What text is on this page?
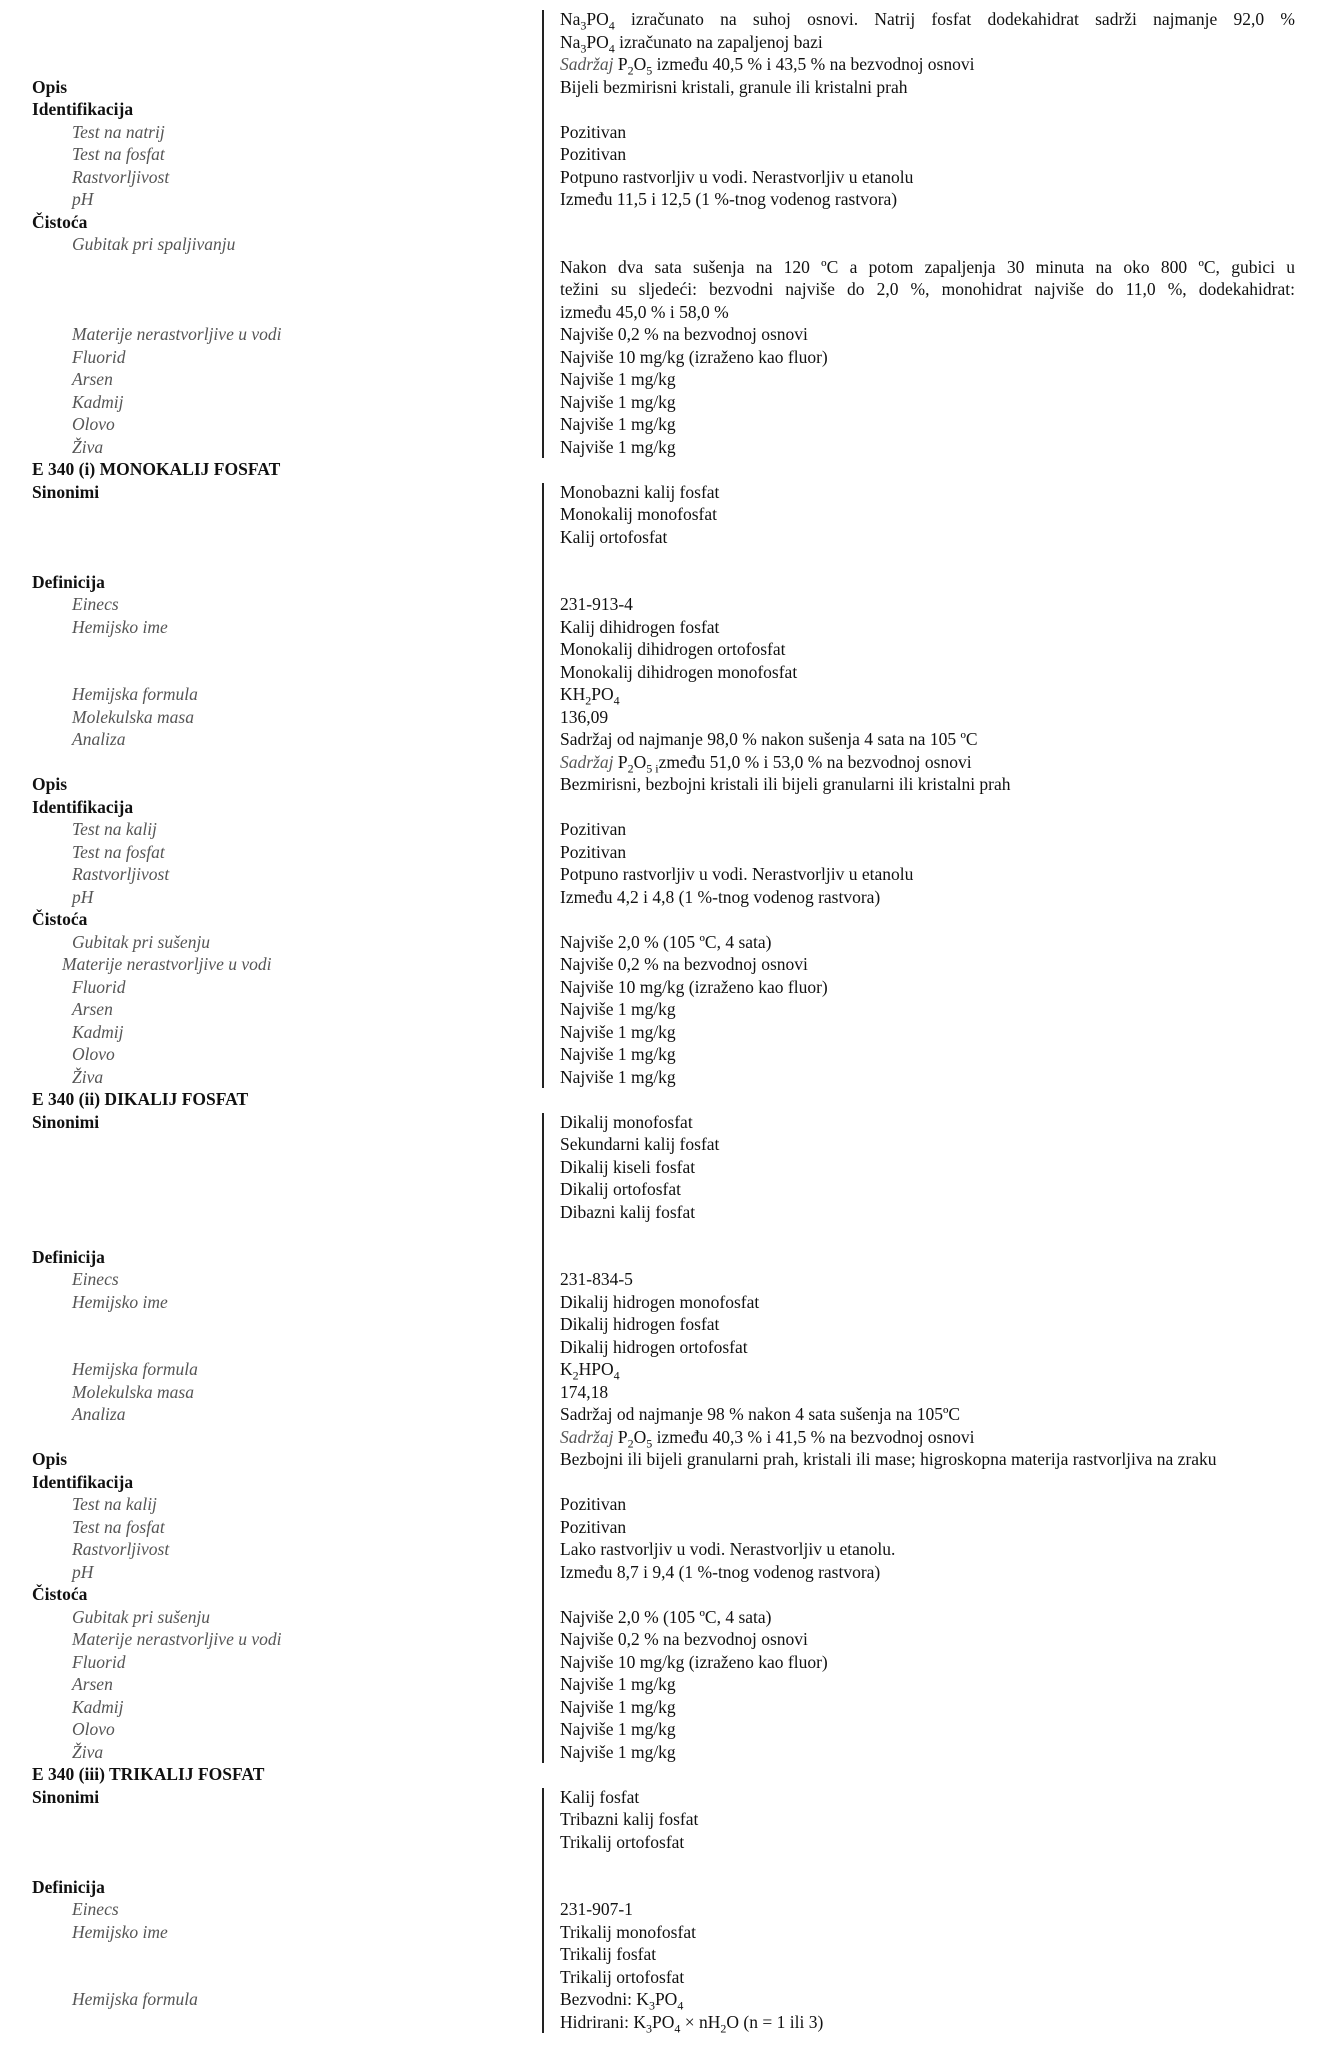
$Na_3PO_4$ izračunato na suhoj osnovi. Natrij fosfat dodekahidrat sadrži najmanje 92,0 %
$Na_3PO_4$ izračunato na zapaljenoj bazi
Sadržaj $P_2O_5$ između 40,5 % i 43,5 % na bezvodnoj osnovi
Opis	Bijeli bezmirisni kristali, granule ili kristalni prah
Identifikacija
Test na natrij	Pozitivan
Test na fosfat	Pozitivan
Rastvorljivost	Potpuno rastvorljiv u vodi. Nerastvorljiv u etanolu
pH	Između 11,5 i 12,5 (1 %-tnog vodenog rastvora)
Čistoća
Gubitak pri spaljivanju
Nakon dva sata sušenja na 120 ºC a potom zapaljenja 30 minuta na oko 800 ºC, gubici u
težini su sljedeći: bezvodni najviše do 2,0 %, monohidrat najviše do 11,0 %, dodekahidrat:
između 45,0 % i 58,0 %
Materije nerastvorljive u vodi	Najviše 0,2 % na bezvodnoj osnovi
Fluorid	Najviše 10 mg/kg (izraženo kao fluor)
Arsen	Najviše 1 mg/kg
Kadmij	Najviše 1 mg/kg
Olovo	Najviše 1 mg/kg
Živa	Najviše 1 mg/kg
E 340 (i) MONOKALIJ FOSFAT
Sinonimi	Monobazni kalij fosfat
Monokalij monofosfat
Kalij ortofosfat
Definicija
Einecs	231-913-4
Hemijsko ime	Kalij dihidrogen fosfat
Monokalij dihidrogen ortofosfat
Monokalij dihidrogen monofosfat
Hemijska formula	$KH_2PO_4$
Molekulska masa	136,09
Analiza	Sadržaj od najmanje 98,0 % nakon sušenja 4 sata na 105 ºC
Sadržaj $P_2O_{5 i}zmeđu$ 51,0 % i 53,0 % na bezvodnoj osnovi
Opis	Bezmirisni, bezbojni kristali ili bijeli granularni ili kristalni prah
Identifikacija
Test na kalij	Pozitivan
Test na fosfat	Pozitivan
Rastvorljivost	Potpuno rastvorljiv u vodi. Nerastvorljiv u etanolu
pH	Između 4,2 i 4,8 (1 %-tnog vodenog rastvora)
Čistoća
Gubitak pri sušenju	Najviše 2,0 % (105 ºC, 4 sata)
Materije nerastvorljive u vodi	Najviše 0,2 % na bezvodnoj osnovi
Fluorid	Najviše 10 mg/kg (izraženo kao fluor)
Arsen	Najviše 1 mg/kg
Kadmij	Najviše 1 mg/kg
Olovo	Najviše 1 mg/kg
Živa	Najviše 1 mg/kg
E 340 (ii) DIKALIJ FOSFAT
Sinonimi	Dikalij monofosfat
Sekundarni kalij fosfat
Dikalij kiseli fosfat
Dikalij ortofosfat
Dibazni kalij fosfat
Definicija
Einecs	231-834-5
Hemijsko ime	Dikalij hidrogen monofosfat
Dikalij hidrogen fosfat
Dikalij hidrogen ortofosfat
Hemijska formula	$K_2HPO_4$
Molekulska masa	174,18
Analiza	Sadržaj od najmanje 98 % nakon 4 sata sušenja na 105ºC
Sadržaj $P_2O_5$ između 40,3 % i 41,5 % na bezvodnoj osnovi
Opis	Bezbojni ili bijeli granularni prah, kristali ili mase; higroskopna materija rastvorljiva na zraku
Identifikacija
Test na kalij	Pozitivan
Test na fosfat	Pozitivan
Rastvorljivost	Lako rastvorljiv u vodi. Nerastvorljiv u etanolu.
pH	Između 8,7 i 9,4 (1 %-tnog vodenog rastvora)
Čistoća
Gubitak pri sušenju	Najviše 2,0 % (105 ºC, 4 sata)
Materije nerastvorljive u vodi	Najviše 0,2 % na bezvodnoj osnovi
Fluorid	Najviše 10 mg/kg (izraženo kao fluor)
Arsen	Najviše 1 mg/kg
Kadmij	Najviše 1 mg/kg
Olovo	Najviše 1 mg/kg
Živa	Najviše 1 mg/kg
E 340 (iii) TRIKALIJ FOSFAT
Sinonimi	Kalij fosfat
Tribazni kalij fosfat
Trikalij ortofosfat
Definicija
Einecs	231-907-1
Hemijsko ime	Trikalij monofosfat
Trikalij fosfat
Trikalij ortofosfat
Hemijska formula	Bezvodni: $K_3PO_4$
Hidrirani: $K_3PO_4 \times nH_2O$ (n = 1 ili 3)
